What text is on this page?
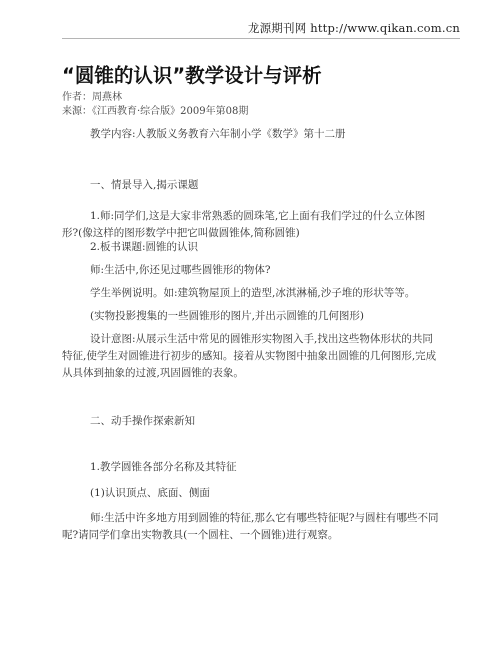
龙源期刊网 http://www.qikan.com.cn
“圆锥的认识”教学设计与评析
作者：周燕林
来源：《江西教育·综合版》2009年第08期
教学内容:人教版义务教育六年制小学《数学》第十二册
一、情景导入,揭示课题
1.师:同学们,这是大家非常熟悉的圆珠笔,它上面有我们学过的什么立体图形?(像这样的图形数学中把它叫做圆锥体,简称圆锥)
2.板书课题:圆锥的认识
师:生活中,你还见过哪些圆锥形的物体?
学生举例说明。如:建筑物屋顶上的造型,冰淇淋桶,沙子堆的形状等等。
(实物投影搜集的一些圆锥形的图片,并出示圆锥的几何图形)
设计意图:从展示生活中常见的圆锥形实物图入手,找出这些物体形状的共同特征,使学生对圆锥进行初步的感知。接着从实物图中抽象出圆锥的几何图形,完成从具体到抽象的过渡,巩固圆锥的表象。
二、动手操作探索新知
1.教学圆锥各部分名称及其特征
(1)认识顶点、底面、侧面
师:生活中许多地方用到圆锥的特征,那么它有哪些特征呢?与圆柱有哪些不同呢?请同学们拿出实物教具(一个圆柱、一个圆锥)进行观察。
